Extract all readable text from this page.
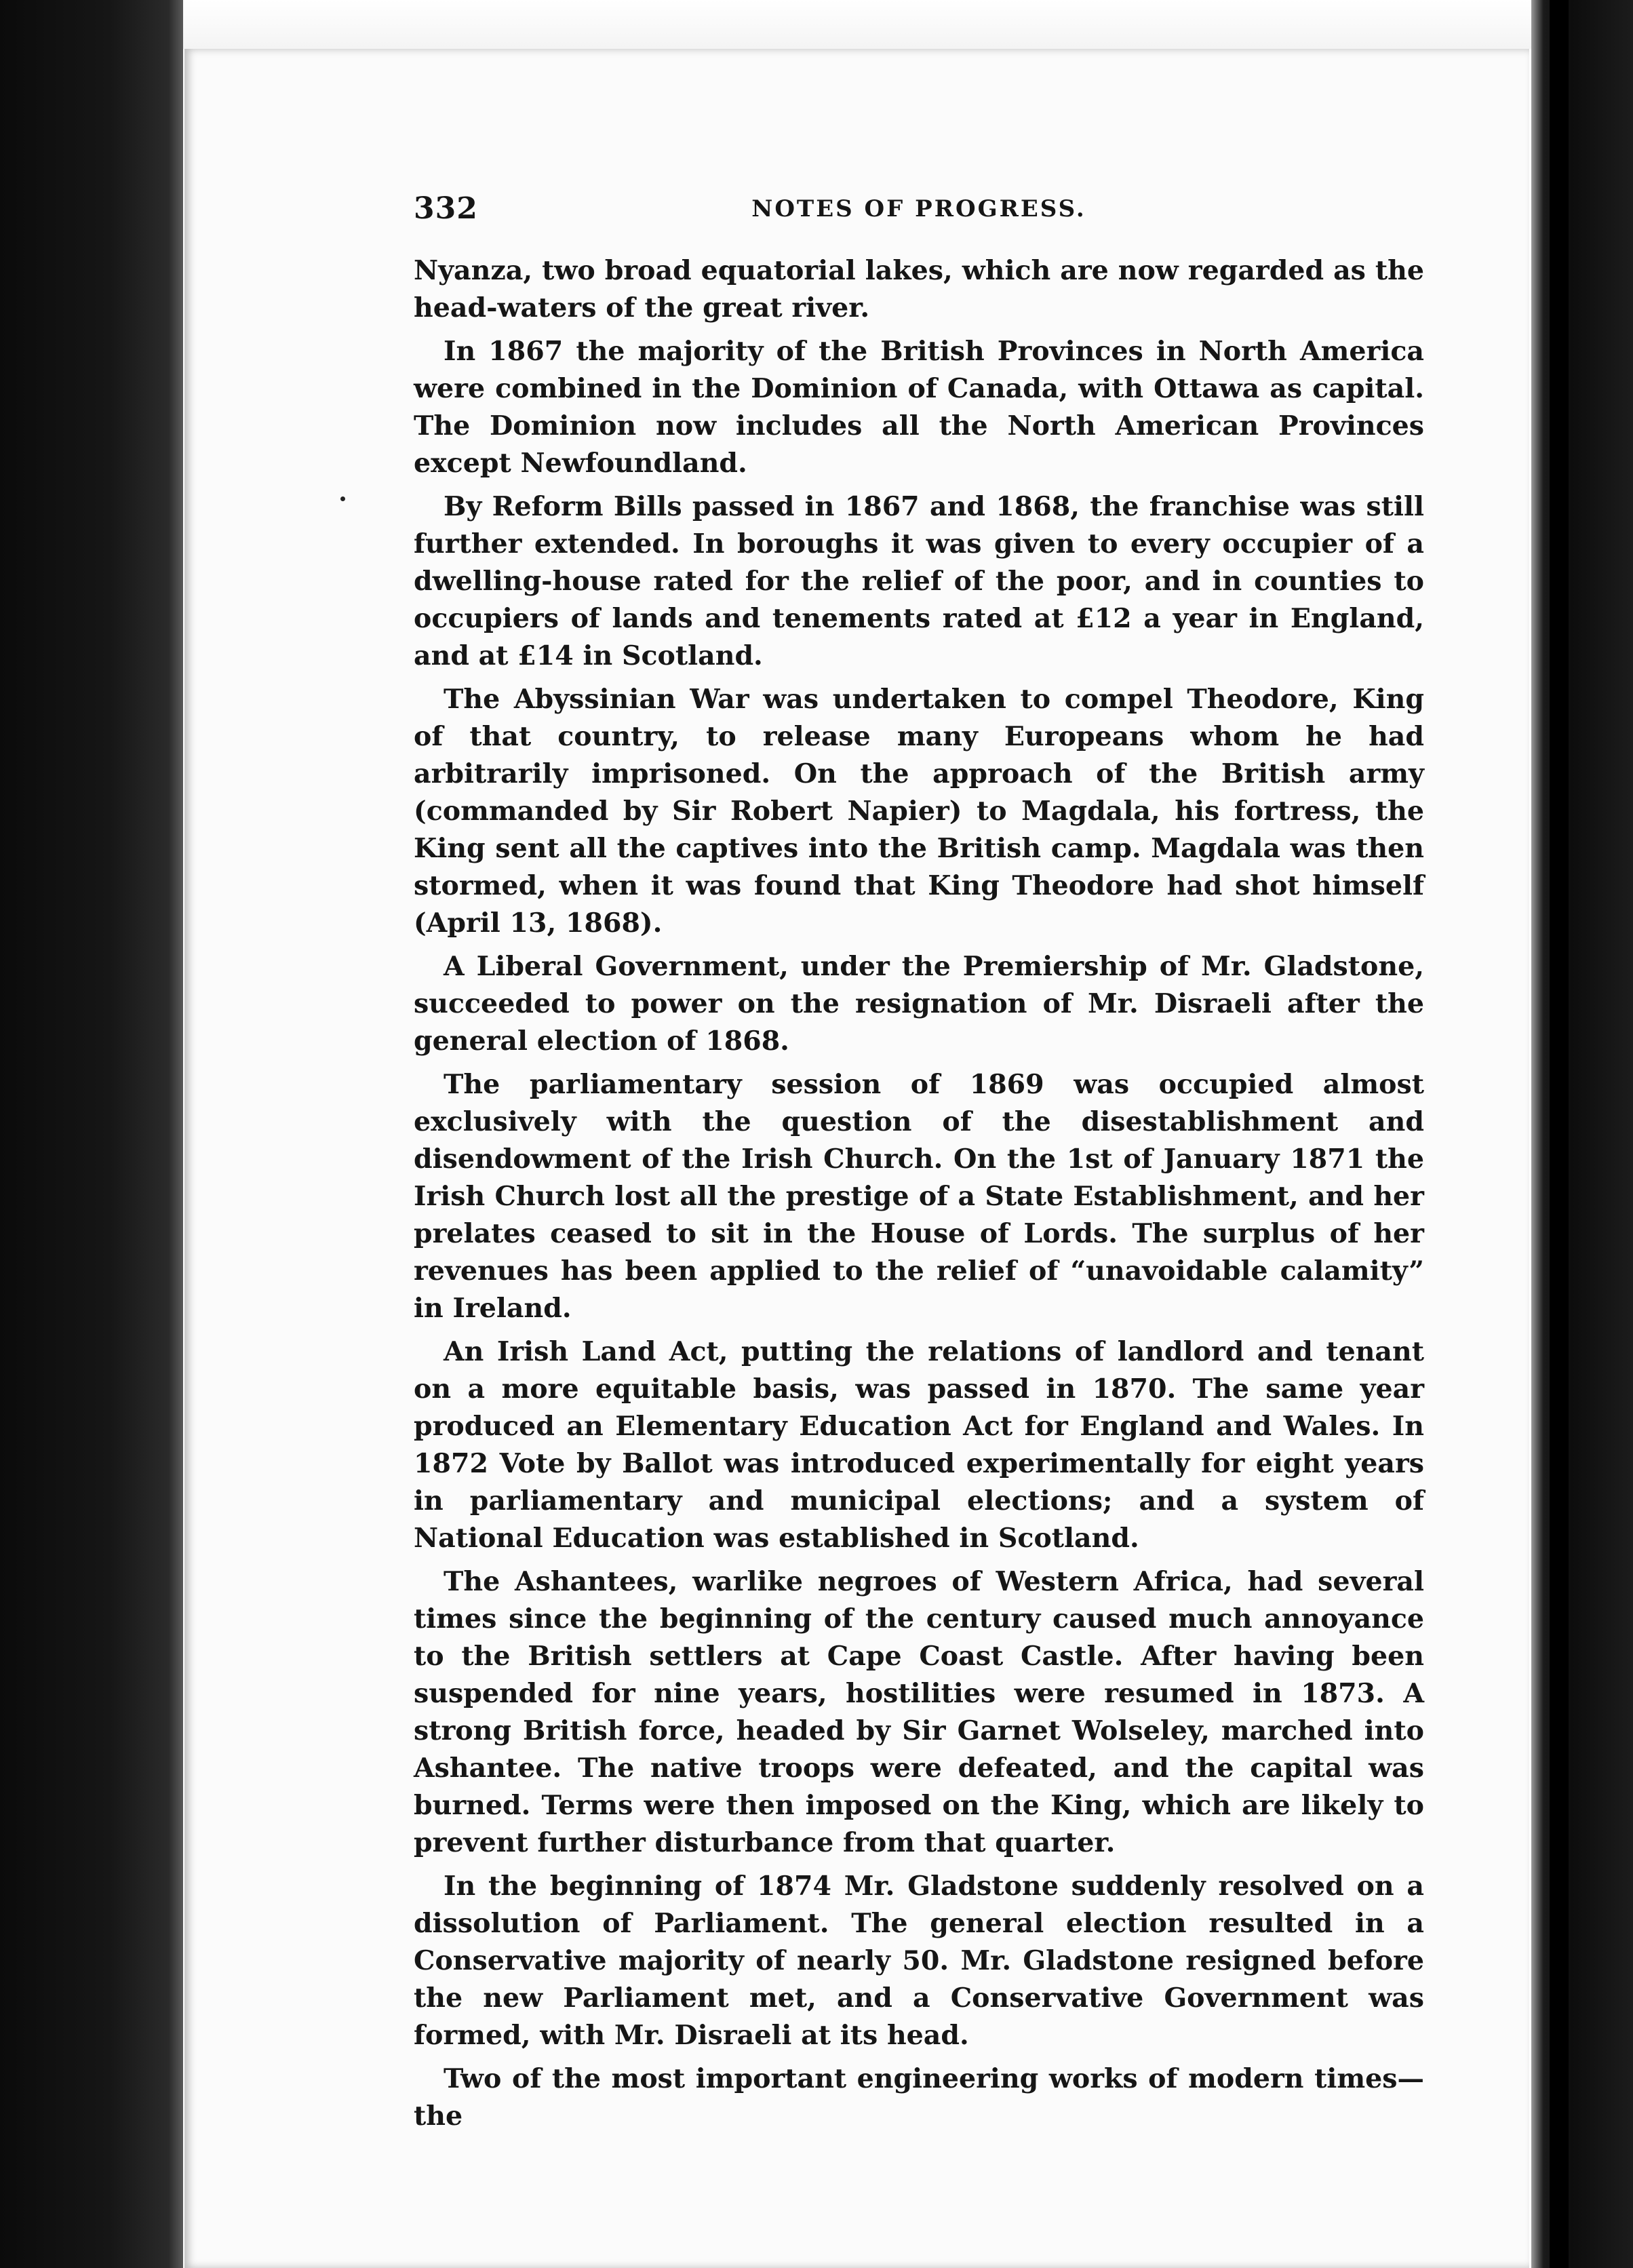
332	NOTES OF PROGRESS.

Nyanza, two broad equatorial lakes, which are now regarded as the head-waters of the great river.

In 1867 the majority of the British Provinces in North America were combined in the Dominion of Canada, with Ottawa as capital. The Dominion now includes all the North American Provinces except Newfoundland.

By Reform Bills passed in 1867 and 1868, the franchise was still further extended. In boroughs it was given to every occupier of a dwelling-house rated for the relief of the poor, and in counties to occupiers of lands and tenements rated at £12 a year in England, and at £14 in Scotland.

The Abyssinian War was undertaken to compel Theodore, King of that country, to release many Europeans whom he had arbitrarily imprisoned. On the approach of the British army (commanded by Sir Robert Napier) to Magdala, his fortress, the King sent all the captives into the British camp. Magdala was then stormed, when it was found that King Theodore had shot himself (April 13, 1868).

A Liberal Government, under the Premiership of Mr. Gladstone, succeeded to power on the resignation of Mr. Disraeli after the general election of 1868.

The parliamentary session of 1869 was occupied almost exclusively with the question of the disestablishment and disendowment of the Irish Church. On the 1st of January 1871 the Irish Church lost all the prestige of a State Establishment, and her prelates ceased to sit in the House of Lords. The surplus of her revenues has been applied to the relief of “unavoidable calamity” in Ireland.

An Irish Land Act, putting the relations of landlord and tenant on a more equitable basis, was passed in 1870. The same year produced an Elementary Education Act for England and Wales. In 1872 Vote by Ballot was introduced experimentally for eight years in parliamentary and municipal elections; and a system of National Education was established in Scotland.

The Ashantees, warlike negroes of Western Africa, had several times since the beginning of the century caused much annoyance to the British settlers at Cape Coast Castle. After having been suspended for nine years, hostilities were resumed in 1873. A strong British force, headed by Sir Garnet Wolseley, marched into Ashantee. The native troops were defeated, and the capital was burned. Terms were then imposed on the King, which are likely to prevent further disturbance from that quarter.

In the beginning of 1874 Mr. Gladstone suddenly resolved on a dissolution of Parliament. The general election resulted in a Conservative majority of nearly 50. Mr. Gladstone resigned before the new Parliament met, and a Conservative Government was formed, with Mr. Disraeli at its head.

Two of the most important engineering works of modern times—the
